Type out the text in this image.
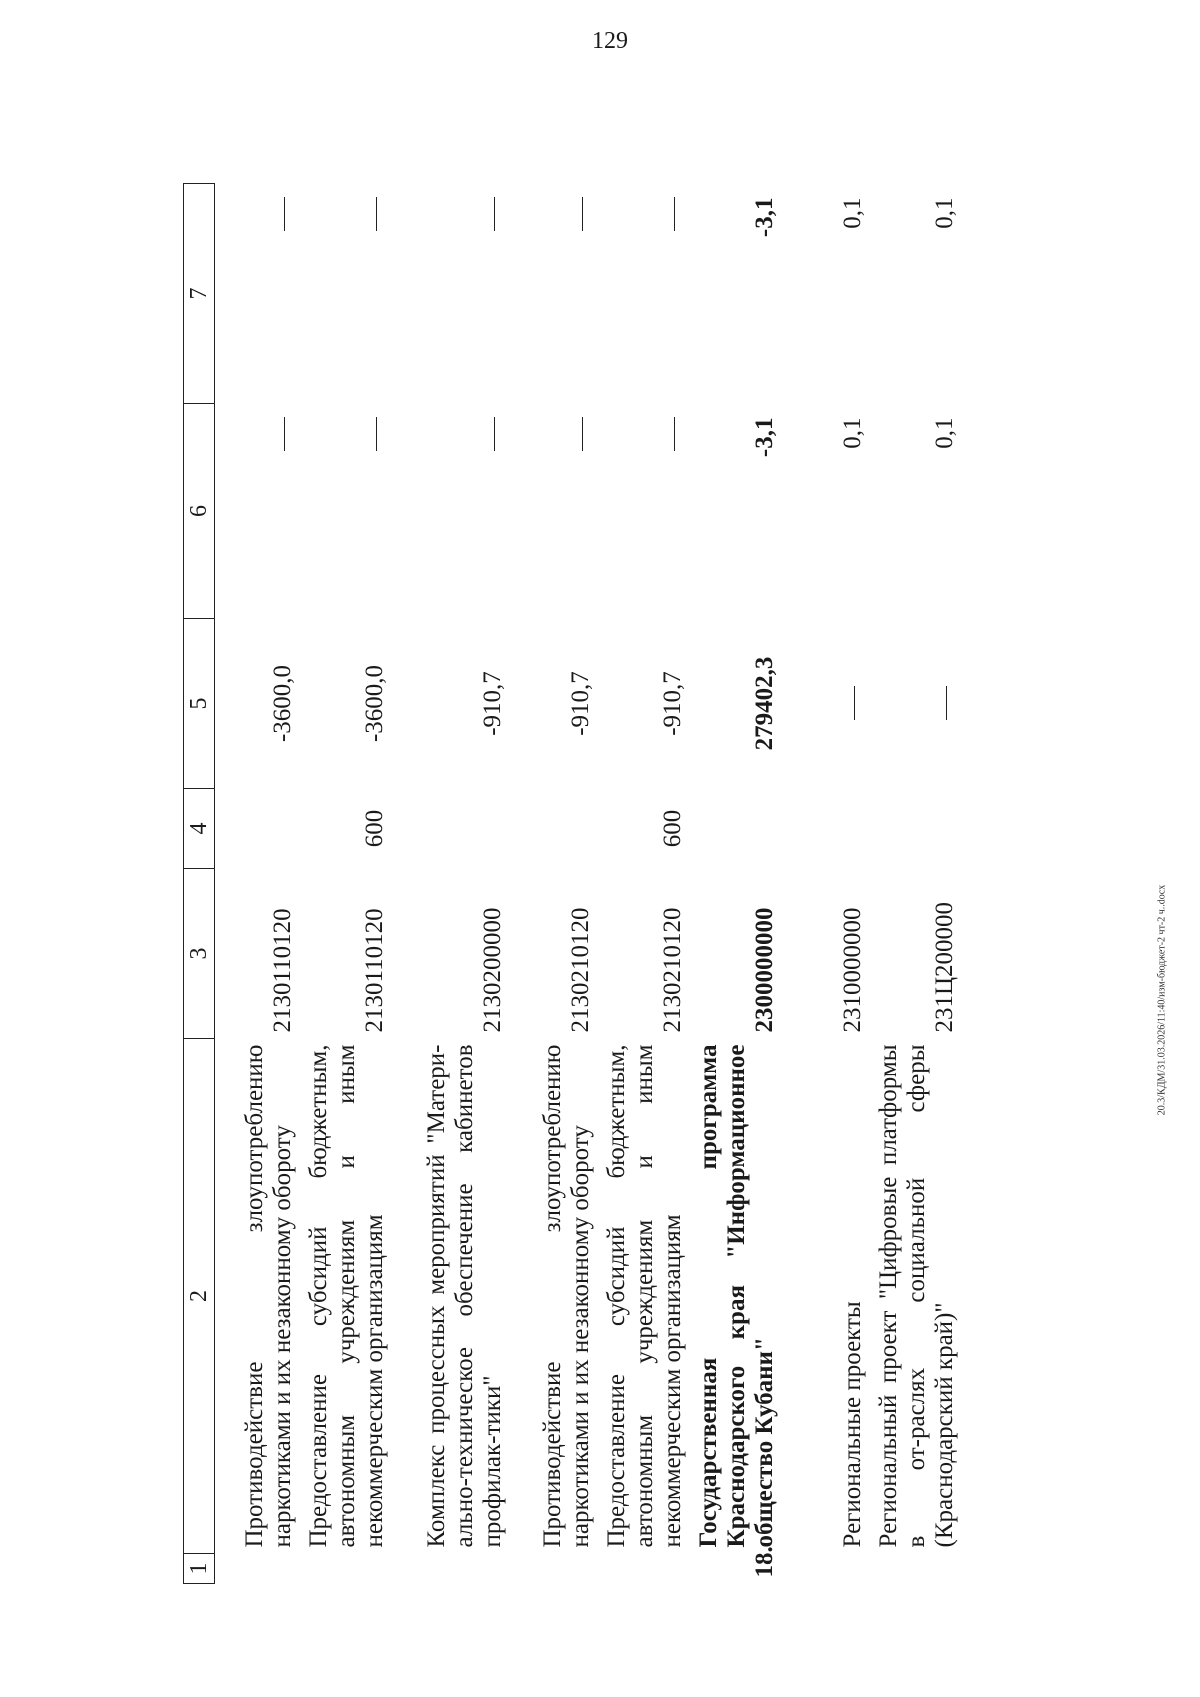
129
20.3/КДМ/31.03.2026/11:40/изм-бюджет-2 чт-2 ч..docx
1	2	3	4	5	6	7
	Противодействие злоупотреблению наркотиками и их незаконному обороту	2130110120		-3600,0		
	Предоставление субсидий бюджетным, автономным учреждениям и иным некоммерческим организациям	2130110120	600	-3600,0		
	Комплекс процессных мероприятий "Матери-ально-техническое обеспечение кабинетов профилак-тики"	2130200000		-910,7		
	Противодействие злоупотреблению наркотиками и их незаконному обороту	2130210120		-910,7		
	Предоставление субсидий бюджетным, автономным учреждениям и иным некоммерческим организациям	2130210120	600	-910,7		
18.	Государственная программа Краснодарского края "Информационное общество Кубани"	2300000000		279402,3	-3,1	-3,1
	Региональные проекты	2310000000			0,1	0,1
	Региональный проект "Цифровые платформы в от-раслях социальной сферы (Краснодарский край)"	231Ц200000			0,1	0,1
